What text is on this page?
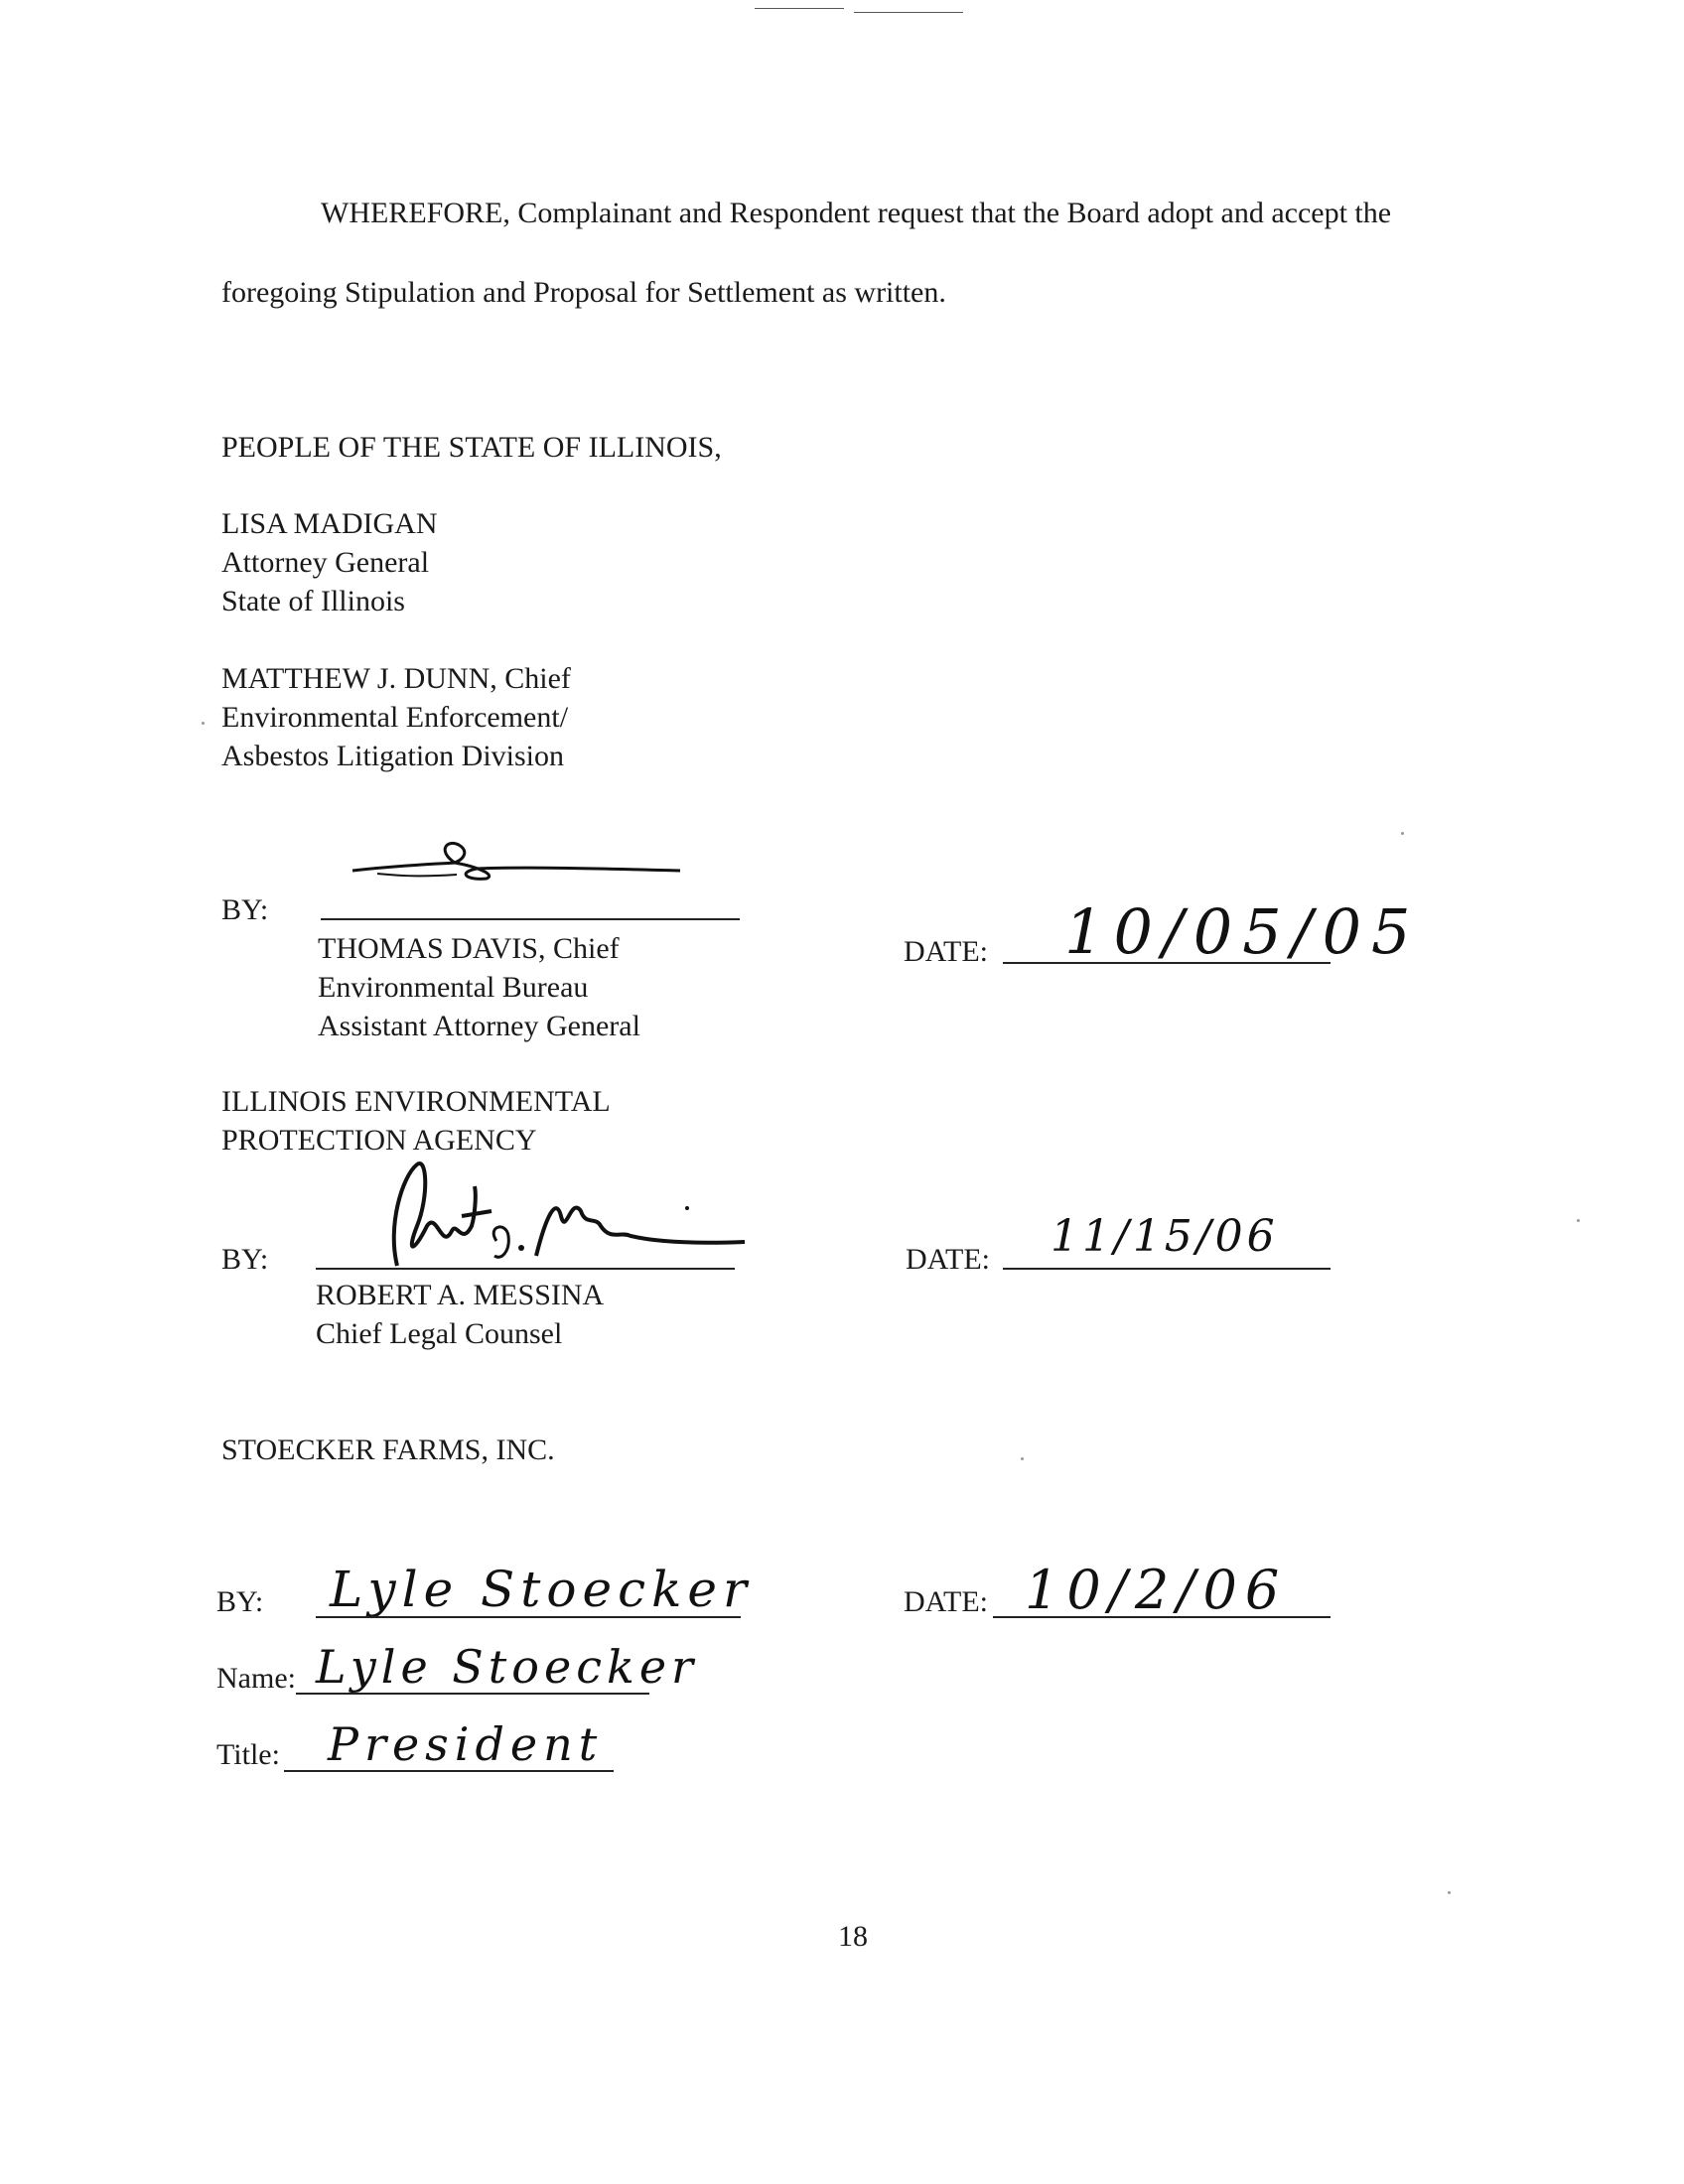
WHEREFORE, Complainant and Respondent request that the Board adopt and accept the
foregoing Stipulation and Proposal for Settlement as written.
PEOPLE OF THE STATE OF ILLINOIS,
LISA MADIGAN
Attorney General
State of Illinois
MATTHEW J. DUNN, Chief
Environmental Enforcement/
Asbestos Litigation Division
BY:
THOMAS DAVIS, Chief
Environmental Bureau
Assistant Attorney General
DATE: 10/05/05
ILLINOIS ENVIRONMENTAL
PROTECTION AGENCY
BY:
ROBERT A. MESSINA
Chief Legal Counsel
DATE: 11/15/06
STOECKER FARMS, INC.
BY: Lyle Stoecker	DATE: 10/2/06
Name: Lyle Stoecker
Title: President
18
